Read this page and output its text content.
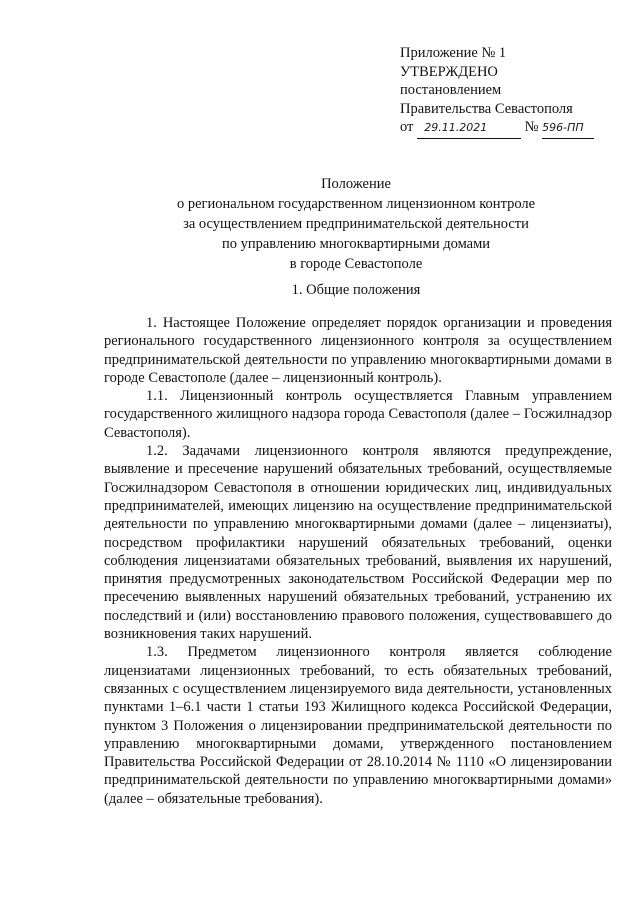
Приложение № 1
УТВЕРЖДЕНО
постановлением
Правительства Севастополя
от 29.11.2021	№ 596-ПП
Положение
о региональном государственном лицензионном контроле
за осуществлением предпринимательской деятельности
по управлению многоквартирными домами
в городе Севастополе
1. Общие положения

1. Настоящее Положение определяет порядок организации и проведения регионального государственного лицензионного контроля за осуществлением предпринимательской деятельности по управлению многоквартирными домами в городе Севастополе (далее – лицензионный контроль).

1.1. Лицензионный контроль осуществляется Главным управлением государственного жилищного надзора города Севастополя (далее – Госжилнадзор Севастополя).

1.2. Задачами лицензионного контроля являются предупреждение, выявление и пресечение нарушений обязательных требований, осуществляемые Госжилнадзором Севастополя в отношении юридических лиц, индивидуальных предпринимателей, имеющих лицензию на осуществление предпринимательской деятельности по управлению многоквартирными домами (далее – лицензиаты), посредством профилактики нарушений обязательных требований, оценки соблюдения лицензиатами обязательных требований, выявления их нарушений, принятия предусмотренных законодательством Российской Федерации мер по пресечению выявленных нарушений обязательных требований, устранению их последствий и (или) восстановлению правового положения, существовавшего до возникновения таких нарушений.

1.3. Предметом лицензионного контроля является соблюдение лицензиатами лицензионных требований, то есть обязательных требований, связанных с осуществлением лицензируемого вида деятельности, установленных пунктами 1–6.1 части 1 статьи 193 Жилищного кодекса Российской Федерации, пунктом 3 Положения о лицензировании предпринимательской деятельности по управлению многоквартирными домами, утвержденного постановлением Правительства Российской Федерации от 28.10.2014 № 1110 «О лицензировании предпринимательской деятельности по управлению многоквартирными домами» (далее – обязательные требования).
